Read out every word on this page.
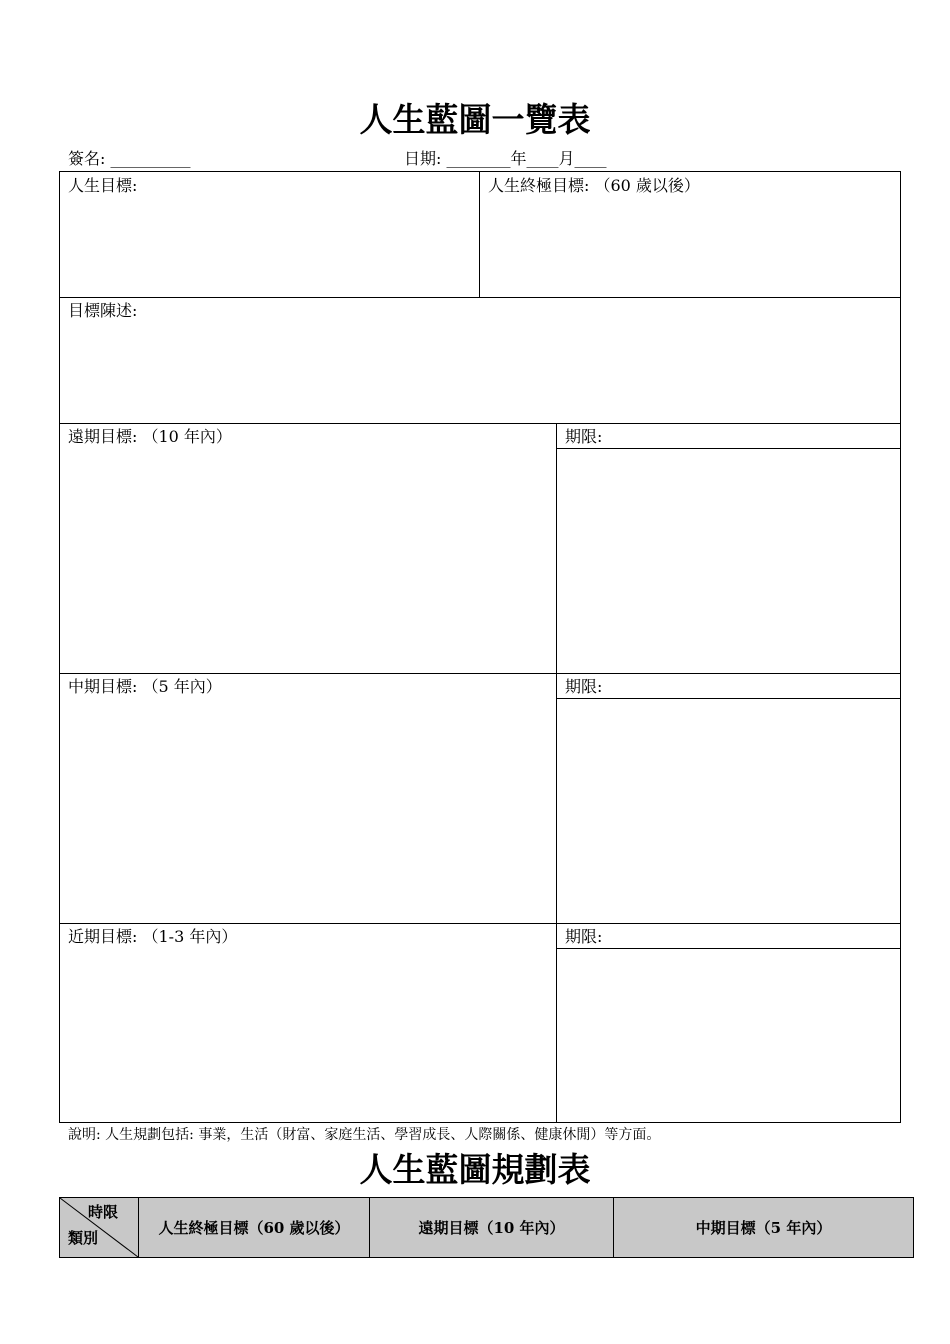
人生藍圖一覽表
簽名: __________	日期: ________年____月____
人生目標:	人生終極目標: （60 歲以後）
目標陳述:
遠期目標: （10 年內）	期限:
中期目標: （5 年內）	期限:
近期目標: （1-3 年內）	期限:
說明: 人生規劃包括: 事業，生活（財富、家庭生活、學習成長、人際關係、健康休閒）等方面。
人生藍圖規劃表
時限
類別
人生終極目標（60 歲以後）	遠期目標（10 年內）	中期目標（5 年內）
